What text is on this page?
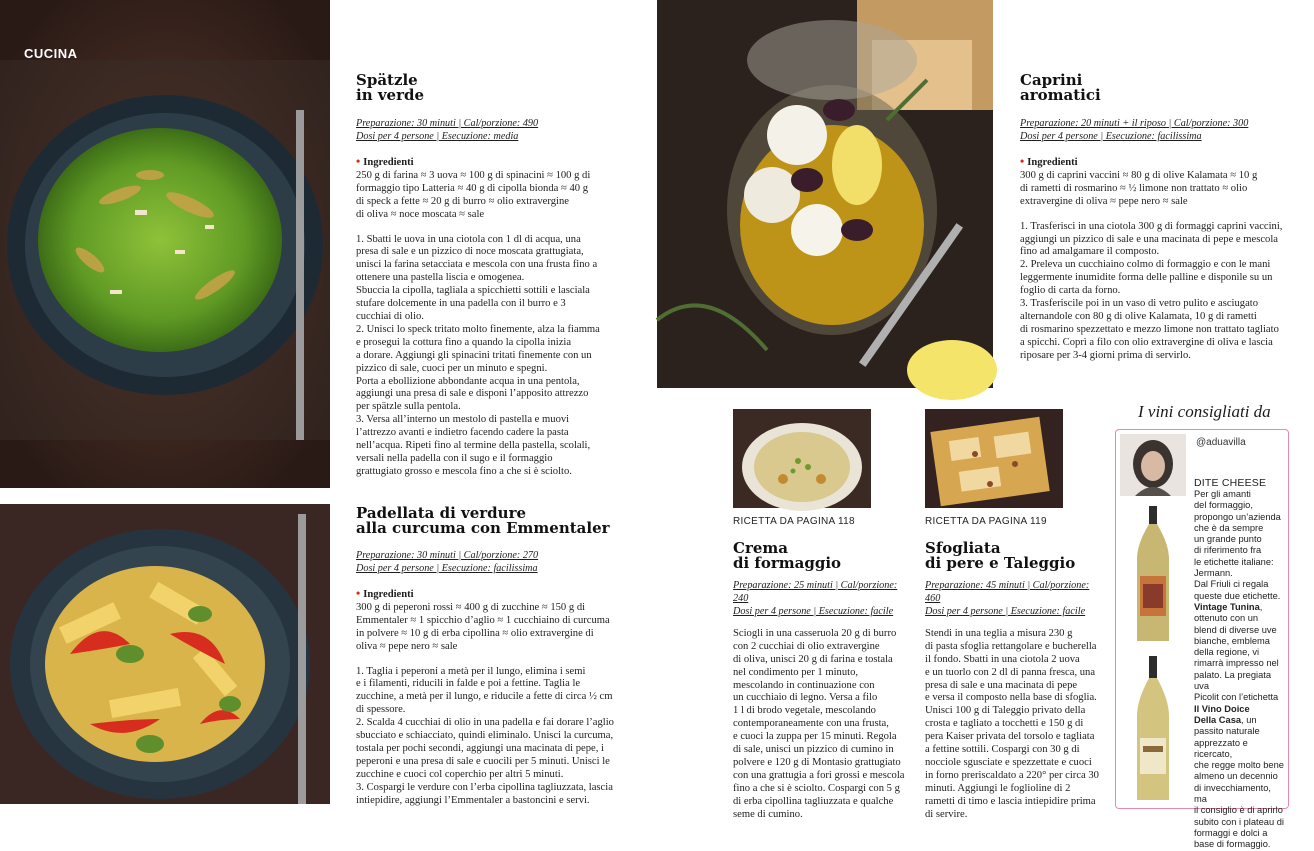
CUCINA
Spätzle
in verde
Preparazione: 30 minuti | Cal/porzione: 490
Dosi per 4 persone | Esecuzione: media
• Ingredienti
250 g di farina ≈ 3 uova ≈ 100 g di spinacini ≈ 100 g di
formaggio tipo Latteria ≈ 40 g di cipolla bionda ≈ 40 g
di speck a fette ≈ 20 g di burro ≈ olio extravergine
di oliva ≈ noce moscata ≈ sale
1. Sbatti le uova in una ciotola con 1 dl di acqua, una
presa di sale e un pizzico di noce moscata grattugiata,
unisci la farina setacciata e mescola con una frusta fino a
ottenere una pastella liscia e omogenea.
Sbuccia la cipolla, tagliala a spicchietti sottili e lasciala
stufare dolcemente in una padella con il burro e 3
cucchiai di olio.
2. Unisci lo speck tritato molto finemente, alza la fiamma
e prosegui la cottura fino a quando la cipolla inizia
a dorare. Aggiungi gli spinacini tritati finemente con un
pizzico di sale, cuoci per un minuto e spegni.
Porta a ebollizione abbondante acqua in una pentola,
aggiungi una presa di sale e disponi l’apposito attrezzo
per spätzle sulla pentola.
3. Versa all’interno un mestolo di pastella e muovi
l’attrezzo avanti e indietro facendo cadere la pasta
nell’acqua. Ripeti fino al termine della pastella, scolali,
versali nella padella con il sugo e il formaggio
grattugiato grosso e mescola fino a che si è sciolto.
Padellata di verdure
alla curcuma con Emmentaler
Preparazione: 30 minuti | Cal/porzione: 270
Dosi per 4 persone | Esecuzione: facilissima
• Ingredienti
300 g di peperoni rossi ≈ 400 g di zucchine ≈ 150 g di
Emmentaler ≈ 1 spicchio d’aglio ≈ 1 cucchiaino di curcuma
in polvere ≈ 10 g di erba cipollina ≈ olio extravergine di
oliva ≈ pepe nero ≈ sale
1. Taglia i peperoni a metà per il lungo, elimina i semi
e i filamenti, riducili in falde e poi a fettine. Taglia le
zucchine, a metà per il lungo, e riducile a fette di circa ½ cm
di spessore.
2. Scalda 4 cucchiai di olio in una padella e fai dorare l’aglio
sbucciato e schiacciato, quindi eliminalo. Unisci la curcuma,
tostala per pochi secondi, aggiungi una macinata di pepe, i
peperoni e una presa di sale e cuocili per 5 minuti. Unisci le
zucchine e cuoci col coperchio per altri 5 minuti.
3. Cospargi le verdure con l’erba cipollina tagliuzzata, lascia
intiepidire, aggiungi l’Emmentaler a bastoncini e servi.
Caprini
aromatici
Preparazione: 20 minuti + il riposo | Cal/porzione: 300
Dosi per 4 persone | Esecuzione: facilissima
• Ingredienti
300 g di caprini vaccini ≈ 80 g di olive Kalamata ≈ 10 g
di rametti di rosmarino ≈ ½ limone non trattato ≈ olio
extravergine di oliva ≈ pepe nero ≈ sale
1. Trasferisci in una ciotola 300 g di formaggi caprini vaccini,
aggiungi un pizzico di sale e una macinata di pepe e mescola
fino ad amalgamare il composto.
2. Preleva un cucchiaino colmo di formaggio e con le mani
leggermente inumidite forma delle palline e disponile su un
foglio di carta da forno.
3. Trasferiscile poi in un vaso di vetro pulito e asciugato
alternandole con 80 g di olive Kalamata, 10 g di rametti
di rosmarino spezzettato e mezzo limone non trattato tagliato
a spicchi. Coprì a filo con olio extravergine di oliva e lascia
riposare per 3-4 giorni prima di servirlo.
RICETTA DA PAGINA 118
Crema
di formaggio
Preparazione: 25 minuti | Cal/porzione: 240
Dosi per 4 persone | Esecuzione: facile
Sciogli in una casseruola 20 g di burro
con 2 cucchiai di olio extravergine
di oliva, unisci 20 g di farina e tostala
nel condimento per 1 minuto,
mescolando in continuazione con
un cucchiaio di legno. Versa a filo
1 l di brodo vegetale, mescolando
contemporaneamente con una frusta,
e cuoci la zuppa per 15 minuti. Regola
di sale, unisci un pizzico di cumino in
polvere e 120 g di Montasio grattugiato
con una grattugia a fori grossi e mescola
fino a che si è sciolto. Cospargi con 5 g
di erba cipollina tagliuzzata e qualche
seme di cumino.
RICETTA DA PAGINA 119
Sfogliata
di pere e Taleggio
Preparazione: 45 minuti | Cal/porzione: 460
Dosi per 4 persone | Esecuzione: facile
Stendi in una teglia a misura 230 g
di pasta sfoglia rettangolare e bucherella
il fondo. Sbatti in una ciotola 2 uova
e un tuorlo con 2 dl di panna fresca, una
presa di sale e una macinata di pepe
e versa il composto nella base di sfoglia.
Unisci 100 g di Taleggio privato della
crosta e tagliato a tocchetti e 150 g di
pera Kaiser privata del torsolo e tagliata
a fettine sottili. Cospargi con 30 g di
nocciole sgusciate e spezzettate e cuoci
in forno preriscaldato a 220° per circa 30
minuti. Aggiungi le foglioline di 2
rametti di timo e lascia intiepidire prima
di servire.
I vini consigliati da
@aduavilla
DITE CHEESE
Per gli amanti
del formaggio,
propongo un’azienda
che è da sempre
un grande punto
di riferimento fra
le etichette italiane:
Jermann.
Dal Friuli ci regala
queste due etichette.
Vintage Tunina,
ottenuto con un
blend di diverse uve
bianche, emblema
della regione, vi
rimarrà impresso nel
palato. La pregiata uva
Picolit con l’etichetta
Il Vino Doice
Della Casa, un
passito naturale
apprezzato e ricercato,
che regge molto bene
almeno un decennio
di invecchiamento, ma
il consiglio è di aprirlo
subito con i plateau di
formaggi e dolci a
base di formaggio.
